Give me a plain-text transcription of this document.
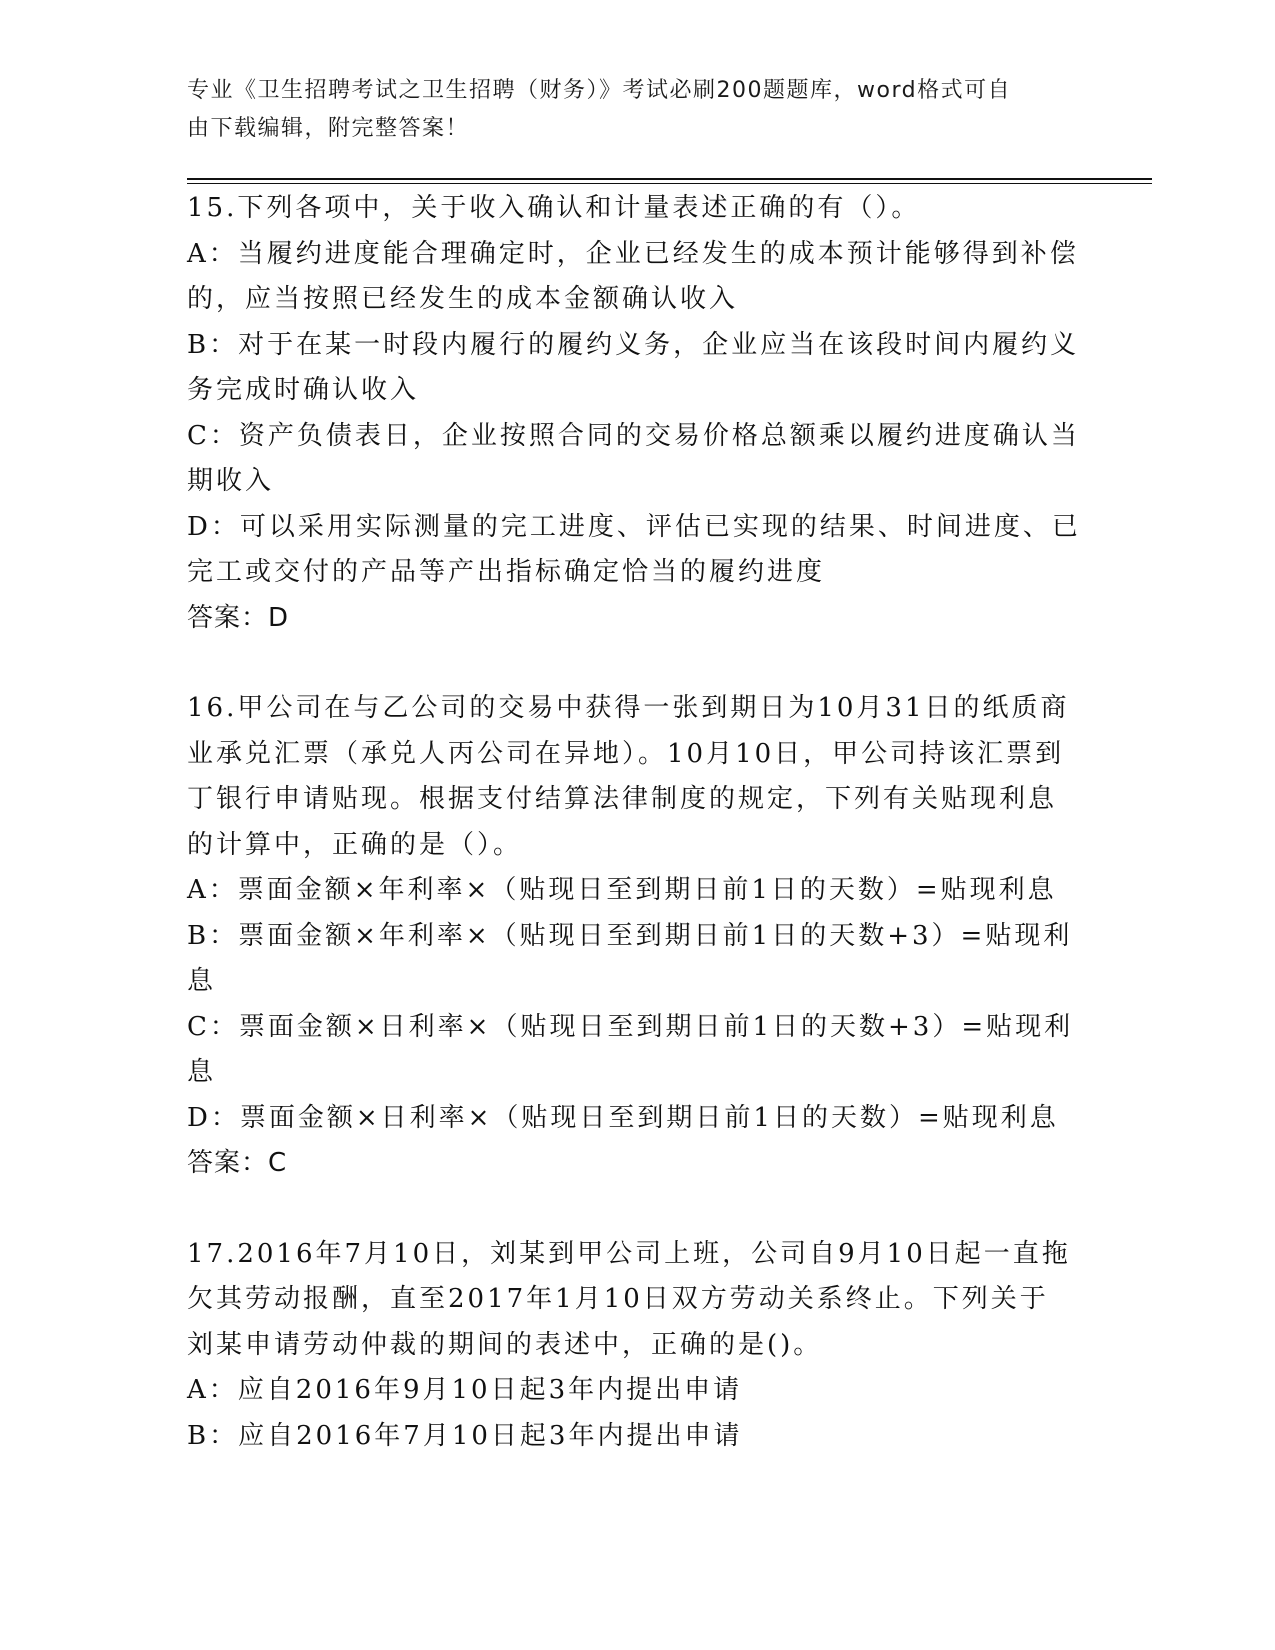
专业《卫生招聘考试之卫生招聘（财务）》考试必刷200题题库，word格式可自
由下载编辑，附完整答案！
15.下列各项中，关于收入确认和计量表述正确的有（）。
A：当履约进度能合理确定时，企业已经发生的成本预计能够得到补偿
的，应当按照已经发生的成本金额确认收入
B：对于在某一时段内履行的履约义务，企业应当在该段时间内履约义
务完成时确认收入
C：资产负债表日，企业按照合同的交易价格总额乘以履约进度确认当
期收入
D：可以采用实际测量的完工进度、评估已实现的结果、时间进度、已
完工或交付的产品等产出指标确定恰当的履约进度
答案：D
16.甲公司在与乙公司的交易中获得一张到期日为10月31日的纸质商
业承兑汇票（承兑人丙公司在异地）。10月10日，甲公司持该汇票到
丁银行申请贴现。根据支付结算法律制度的规定，下列有关贴现利息
的计算中，正确的是（）。
A：票面金额×年利率×（贴现日至到期日前1日的天数）=贴现利息
B：票面金额×年利率×（贴现日至到期日前1日的天数+3）=贴现利
息
C：票面金额×日利率×（贴现日至到期日前1日的天数+3）=贴现利
息
D：票面金额×日利率×（贴现日至到期日前1日的天数）=贴现利息
答案：C
17.2016年7月10日，刘某到甲公司上班，公司自9月10日起一直拖
欠其劳动报酬，直至2017年1月10日双方劳动关系终止。下列关于
刘某申请劳动仲裁的期间的表述中，正确的是()。
A：应自2016年9月10日起3年内提出申请
B：应自2016年7月10日起3年内提出申请
